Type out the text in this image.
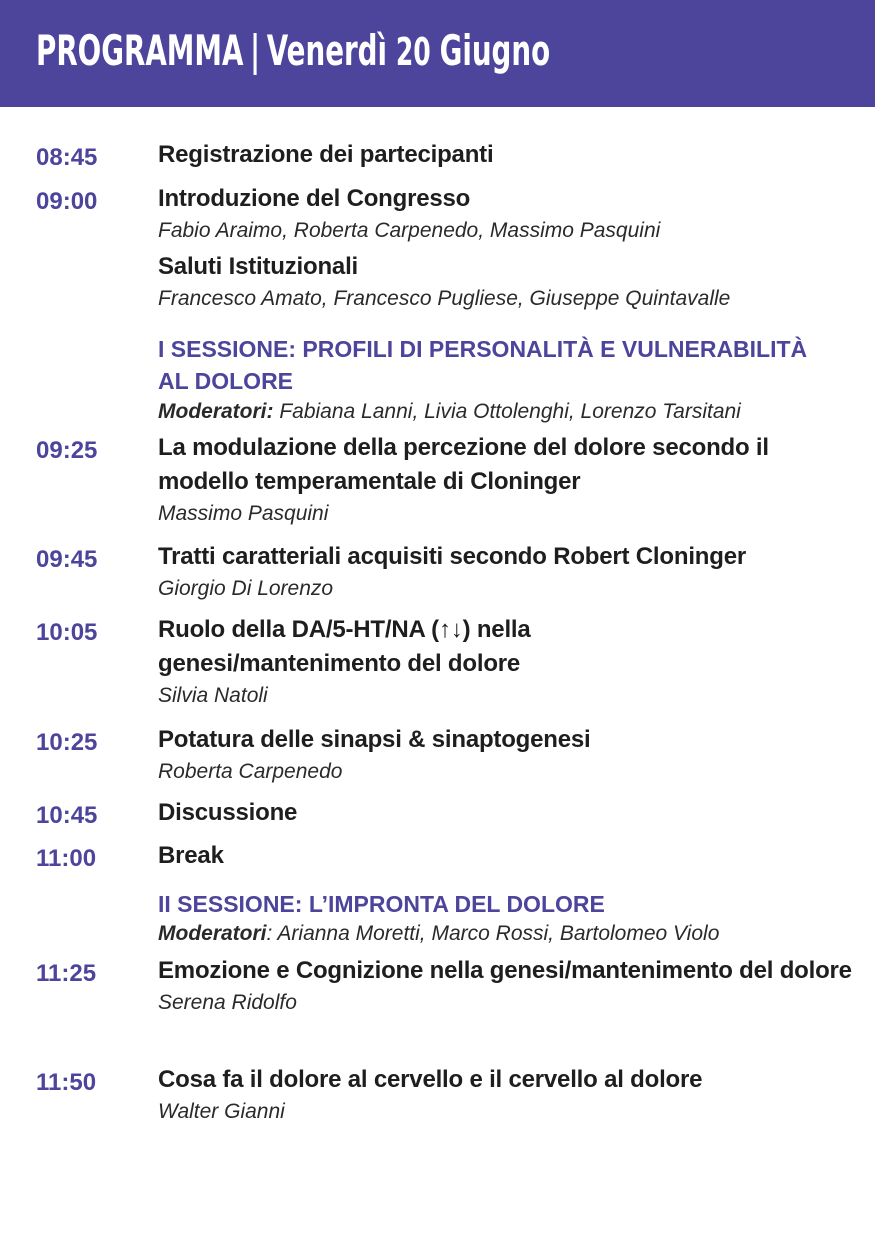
PROGRAMMA | Venerdì 20 Giugno
08:45	Registrazione dei partecipanti

09:00	Introduzione del Congresso

Fabio Araimo, Roberta Carpenedo, Massimo Pasquini

Saluti Istituzionali

Francesco Amato, Francesco Pugliese, Giuseppe Quintavalle

I SESSIONE: PROFILI DI PERSONALITÀ E VULNERABILITÀ AL DOLORE

Moderatori: Fabiana Lanni, Livia Ottolenghi, Lorenzo Tarsitani

09:25	La modulazione della percezione del dolore secondo il modello temperamentale di Cloninger

Massimo Pasquini

09:45	Tratti caratteriali acquisiti secondo Robert Cloninger

Giorgio Di Lorenzo

10:05	Ruolo della DA/5-HT/NA (↑↓) nella

genesi/mantenimento del dolore

Silvia Natoli

10:25	Potatura delle sinapsi & sinaptogenesi

Roberta Carpenedo

10:45	Discussione

11:00	Break

II SESSIONE: L’IMPRONTA DEL DOLORE

Moderatori: Arianna Moretti, Marco Rossi, Bartolomeo Violo

11:25	Emozione e Cognizione nella genesi/mantenimento del dolore

Serena Ridolfo

11:50	Cosa fa il dolore al cervello e il cervello al dolore

Walter Gianni
